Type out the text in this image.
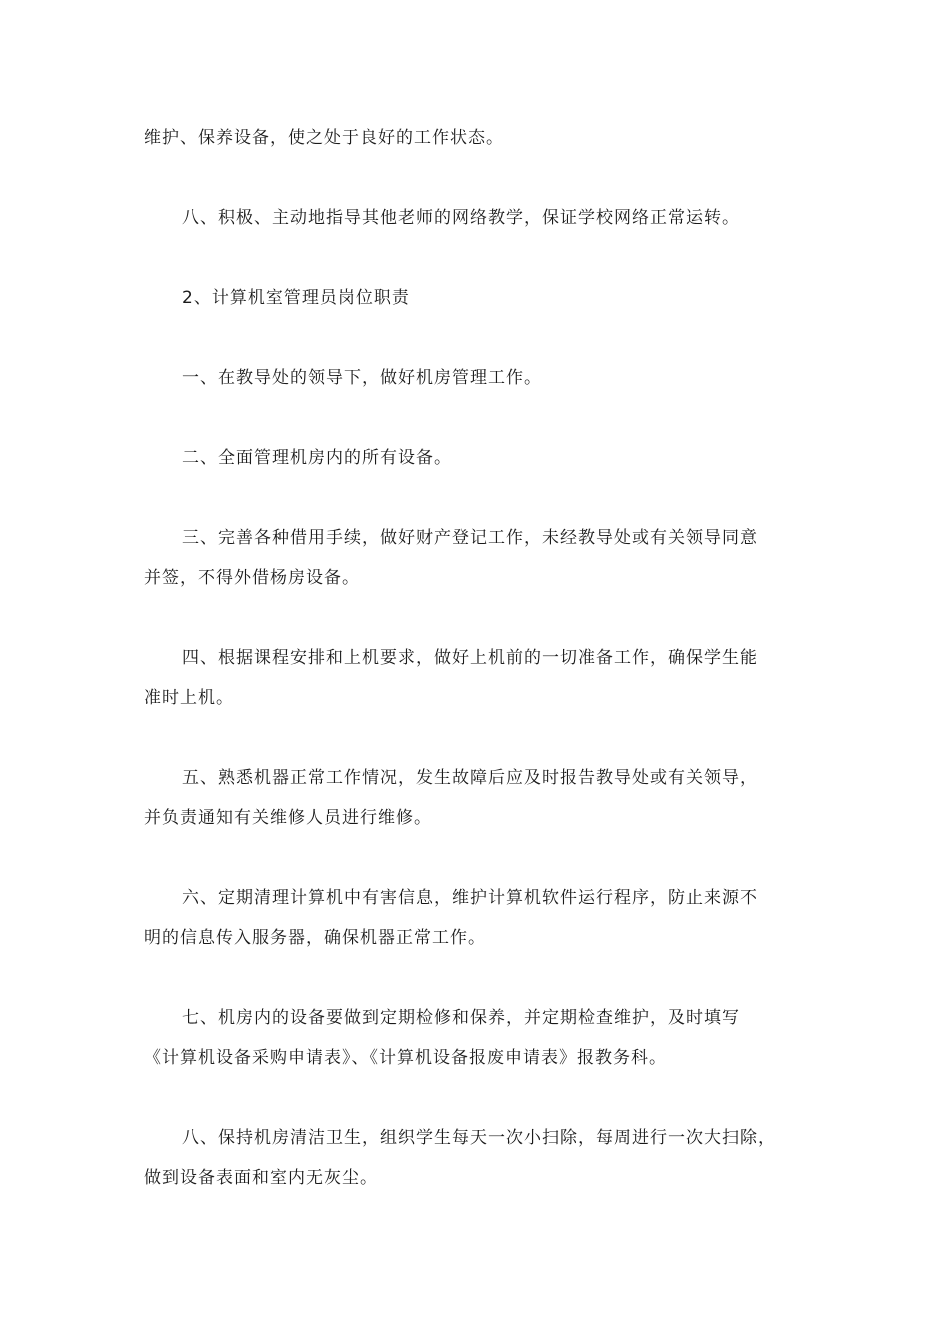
维护、保养设备，使之处于良好的工作状态。

八、积极、主动地指导其他老师的网络教学，保证学校网络正常运转。

2、计算机室管理员岗位职责

一、在教导处的领导下，做好机房管理工作。

二、全面管理机房内的所有设备。

三、完善各种借用手续，做好财产登记工作，未经教导处或有关领导同意
并签，不得外借杨房设备。
四、根据课程安排和上机要求，做好上机前的一切准备工作，确保学生能
准时上机。
五、熟悉机器正常工作情况，发生故障后应及时报告教导处或有关领导，
并负责通知有关维修人员进行维修。
六、定期清理计算机中有害信息，维护计算机软件运行程序，防止来源不
明的信息传入服务器，确保机器正常工作。
七、机房内的设备要做到定期检修和保养，并定期检查维护，及时填写
《计算机设备采购申请表》、《计算机设备报废申请表》报教务科。
八、保持机房清洁卫生，组织学生每天一次小扫除，每周进行一次大扫除，
做到设备表面和室内无灰尘。
